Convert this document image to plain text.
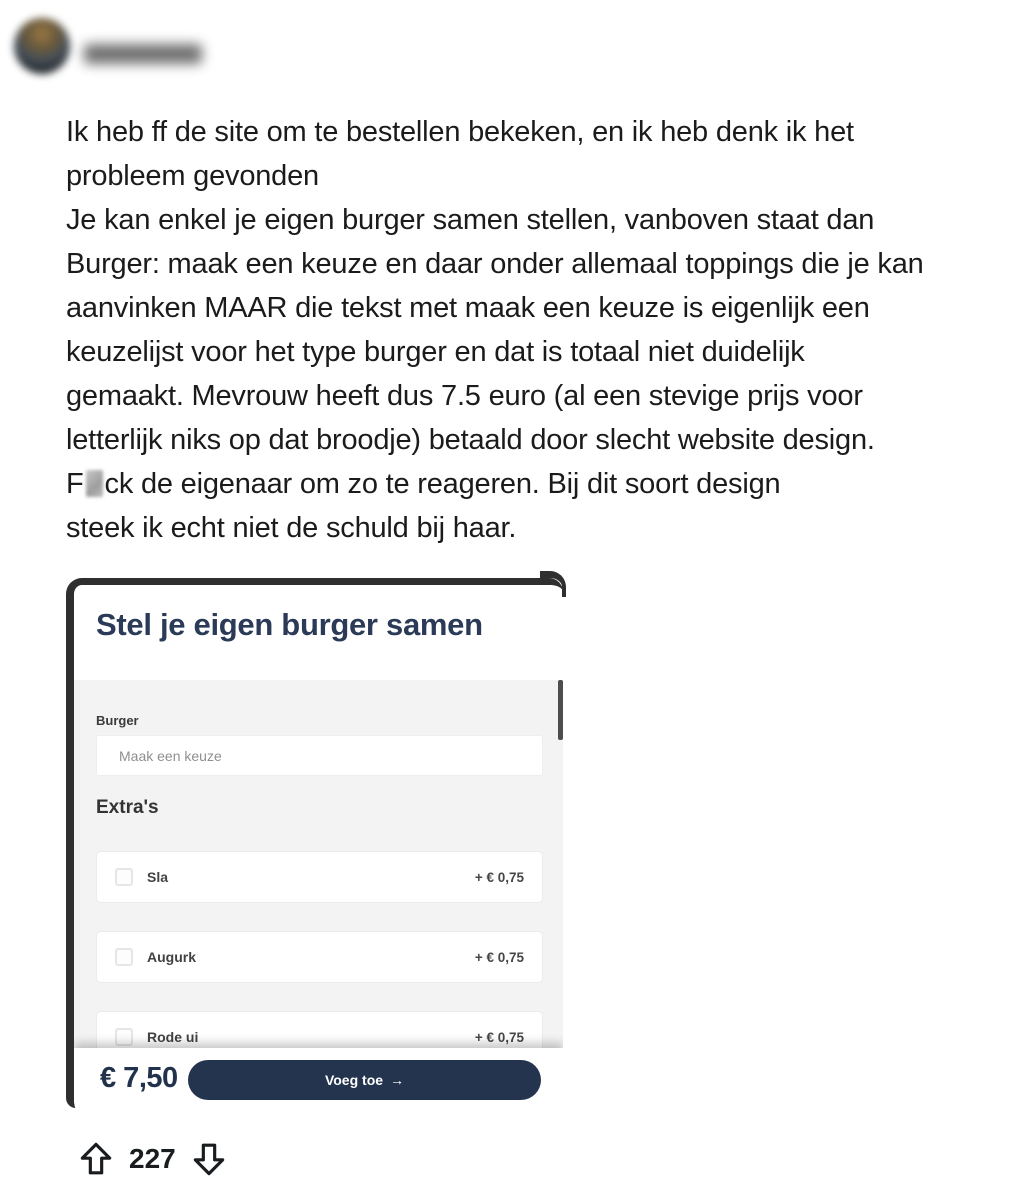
Ik heb ff de site om te bestellen bekeken, en ik heb denk ik het
probleem gevonden
Je kan enkel je eigen burger samen stellen, vanboven staat dan
Burger: maak een keuze en daar onder allemaal toppings die je kan
aanvinken MAAR die tekst met maak een keuze is eigenlijk een
keuzelijst voor het type burger en dat is totaal niet duidelijk
gemaakt. Mevrouw heeft dus 7.5 euro (al een stevige prijs voor
letterlijk niks op dat broodje) betaald door slecht website design.
F ck de eigenaar om zo te reageren. Bij dit soort design
steek ik echt niet de schuld bij haar.
Stel je eigen burger samen
Burger
Maak een keuze
Extra's
Sla	+ € 0,75
Augurk	+ € 0,75
Rode ui	+ € 0,75
€ 7,50	Voeg toe →
227
